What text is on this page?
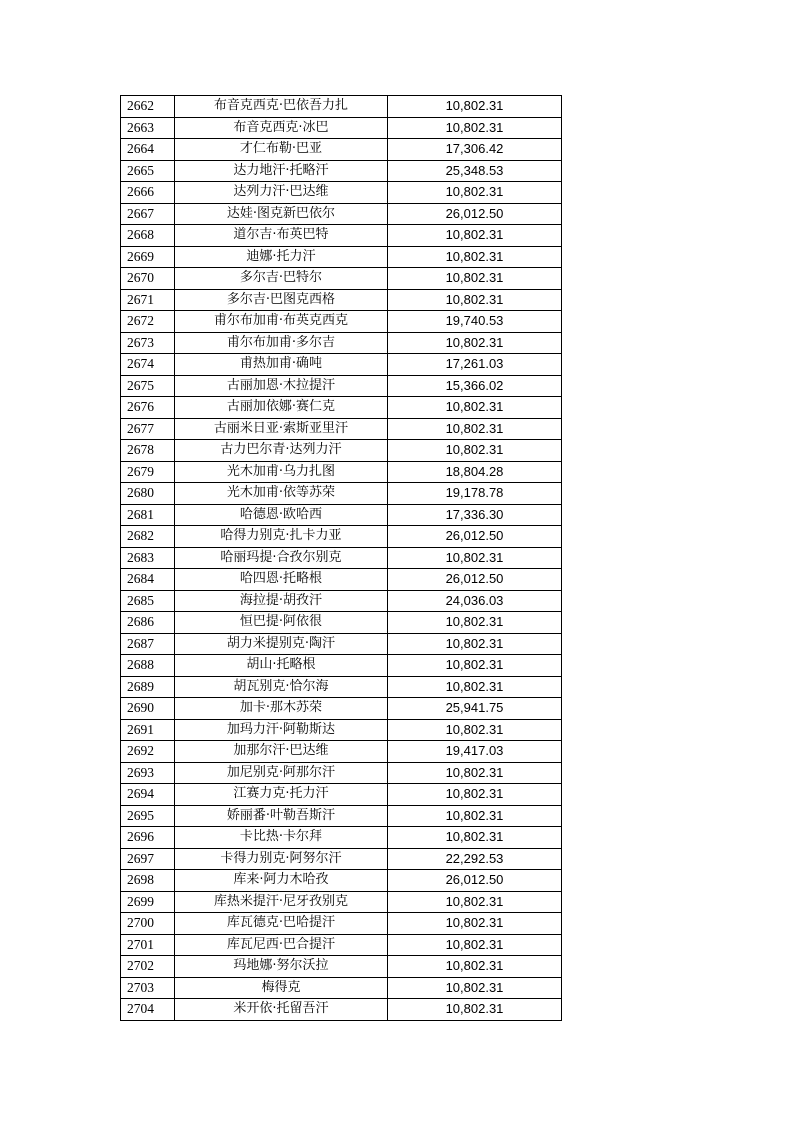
2662	布音克西克·巴依吾力扎	10,802.31
2663	布音克西克·冰巴	10,802.31
2664	才仁布勒·巴亚	17,306.42
2665	达力地汗·托略汗	25,348.53
2666	达列力汗·巴达维	10,802.31
2667	达娃·图克新巴依尔	26,012.50
2668	道尔吉·布英巴特	10,802.31
2669	迪娜·托力汗	10,802.31
2670	多尔吉·巴特尔	10,802.31
2671	多尔吉·巴图克西格	10,802.31
2672	甫尔布加甫·布英克西克	19,740.53
2673	甫尔布加甫·多尔吉	10,802.31
2674	甫热加甫·确吨	17,261.03
2675	古丽加恩·木拉提汗	15,366.02
2676	古丽加依娜·赛仁克	10,802.31
2677	古丽米日亚·索斯亚里汗	10,802.31
2678	古力巴尔青·达列力汗	10,802.31
2679	光木加甫·乌力扎图	18,804.28
2680	光木加甫·依等苏荣	19,178.78
2681	哈德恩·欧哈西	17,336.30
2682	哈得力别克·扎卡力亚	26,012.50
2683	哈丽玛提·合孜尔别克	10,802.31
2684	哈四恩·托略根	26,012.50
2685	海拉提·胡孜汗	24,036.03
2686	恒巴提·阿依很	10,802.31
2687	胡力米提别克·陶汗	10,802.31
2688	胡山·托略根	10,802.31
2689	胡瓦别克·恰尔海	10,802.31
2690	加卡·那木苏荣	25,941.75
2691	加玛力汗·阿勒斯达	10,802.31
2692	加那尔汗·巴达维	19,417.03
2693	加尼别克·阿那尔汗	10,802.31
2694	江赛力克·托力汗	10,802.31
2695	娇丽番·叶勒吾斯汗	10,802.31
2696	卡比热·卡尔拜	10,802.31
2697	卡得力别克·阿努尔汗	22,292.53
2698	库来·阿力木哈孜	26,012.50
2699	库热米提汗·尼牙孜别克	10,802.31
2700	库瓦德克·巴哈提汗	10,802.31
2701	库瓦尼西·巴合提汗	10,802.31
2702	玛地娜·努尔沃拉	10,802.31
2703	梅得克	10,802.31
2704	米开依·托留吾汗	10,802.31
